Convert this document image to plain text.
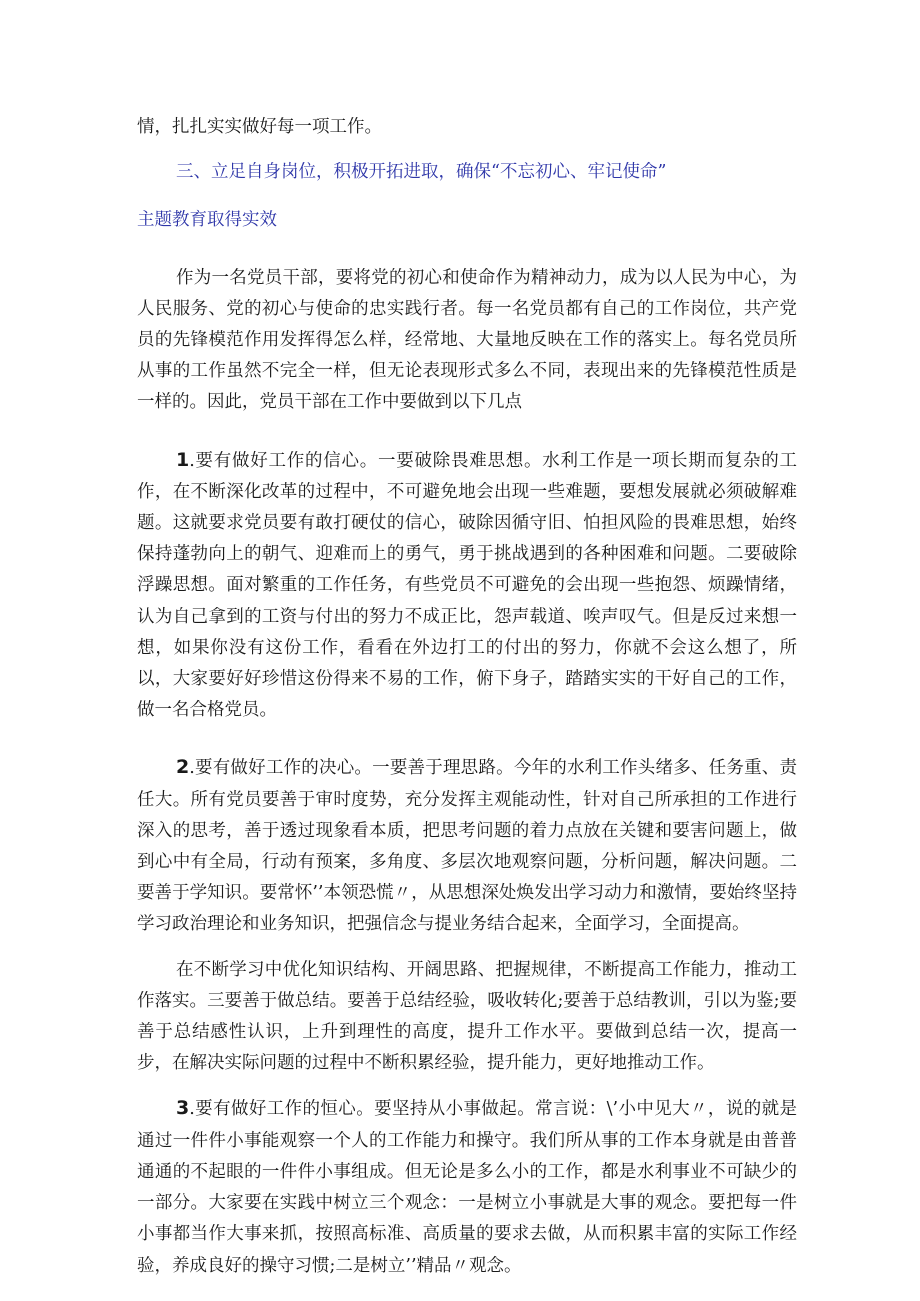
情，扎扎实实做好每一项工作。

三、立足自身岗位，积极开拓进取，确保“不忘初心、牢记使命”

主题教育取得实效

作为一名党员干部，要将党的初心和使命作为精神动力，成为以人民为中心，为人民服务、党的初心与使命的忠实践行者。每一名党员都有自己的工作岗位，共产党员的先锋模范作用发挥得怎么样，经常地、大量地反映在工作的落实上。每名党员所从事的工作虽然不完全一样，但无论表现形式多么不同，表现出来的先锋模范性质是一样的。因此，党员干部在工作中要做到以下几点

1.要有做好工作的信心。一要破除畏难思想。水利工作是一项长期而复杂的工作，在不断深化改革的过程中，不可避免地会出现一些难题，要想发展就必须破解难题。这就要求党员要有敢打硬仗的信心，破除因循守旧、怕担风险的畏难思想，始终保持蓬勃向上的朝气、迎难而上的勇气，勇于挑战遇到的各种困难和问题。二要破除浮躁思想。面对繁重的工作任务，有些党员不可避免的会出现一些抱怨、烦躁情绪，认为自己拿到的工资与付出的努力不成正比，怨声载道、唉声叹气。但是反过来想一想，如果你没有这份工作，看看在外边打工的付出的努力，你就不会这么想了，所以，大家要好好珍惜这份得来不易的工作，俯下身子，踏踏实实的干好自己的工作，做一名合格党员。

2.要有做好工作的决心。一要善于理思路。今年的水利工作头绪多、任务重、责任大。所有党员要善于审时度势，充分发挥主观能动性，针对自己所承担的工作进行深入的思考，善于透过现象看本质，把思考问题的着力点放在关键和要害问题上，做到心中有全局，行动有预案，多角度、多层次地观察问题，分析问题，解决问题。二要善于学知识。要常怀’’本领恐慌〃，从思想深处焕发出学习动力和激情，要始终坚持学习政治理论和业务知识，把强信念与提业务结合起来，全面学习，全面提高。

在不断学习中优化知识结构、开阔思路、把握规律，不断提高工作能力，推动工作落实。三要善于做总结。要善于总结经验，吸收转化;要善于总结教训，引以为鉴;要善于总结感性认识，上升到理性的高度，提升工作水平。要做到总结一次，提高一步，在解决实际问题的过程中不断积累经验，提升能力，更好地推动工作。

3.要有做好工作的恒心。要坚持从小事做起。常言说：\’小中见大〃，说的就是通过一件件小事能观察一个人的工作能力和操守。我们所从事的工作本身就是由普普通通的不起眼的一件件小事组成。但无论是多么小的工作，都是水利事业不可缺少的一部分。大家要在实践中树立三个观念：一是树立小事就是大事的观念。要把每一件小事都当作大事来抓，按照高标准、高质量的要求去做，从而积累丰富的实际工作经验，养成良好的操守习惯;二是树立’’精品〃观念。
